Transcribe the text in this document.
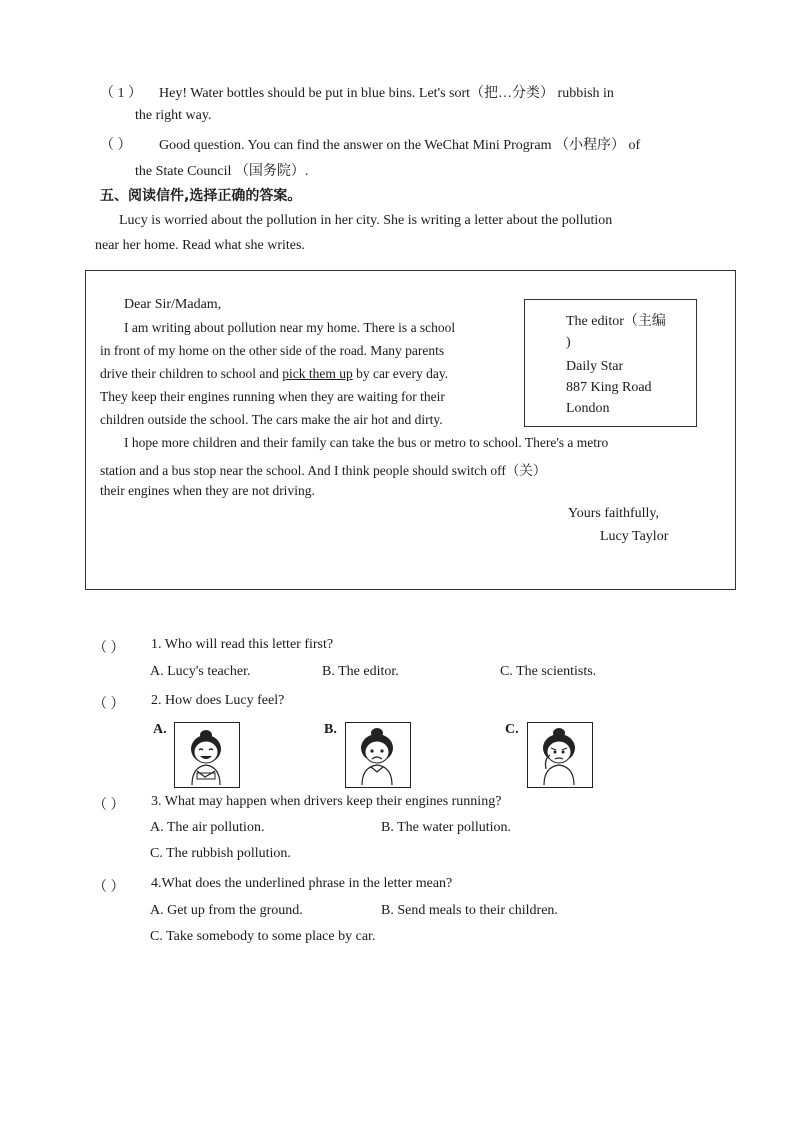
（ 1 ） Hey! Water bottles should be put in blue bins. Let's sort（把…分类） rubbish in
the right way.
（ ） Good question. You can find the answer on the WeChat Mini Program （小程序） of
the State Council （国务院）.
五、阅读信件,选择正确的答案。
Lucy is worried about the pollution in her city. She is writing a letter about the pollution
near her home. Read what she writes.
Dear Sir/Madam,
I am writing about pollution near my home. There is a school
in front of my home on the other side of the road. Many parents
drive their children to school and pick them up by car every day.
They keep their engines running when they are waiting for their
children outside the school. The cars make the air hot and dirty.
I hope more children and their family can take the bus or metro to school. There's a metro
station and a bus stop near the school. And I think people should switch off（关）
their engines when they are not driving.
Yours faithfully,
Lucy Taylor
The editor（主编
)
Daily Star
887 King Road
London
（ ） 1. Who will read this letter first?
A. Lucy's teacher.	B. The editor.	C. The scientists.
（ ） 2. How does Lucy feel?
A.	B.	C.
（ ） 3. What may happen when drivers keep their engines running?
A. The air pollution.	B. The water pollution.
C. The rubbish pollution.
（ ） 4.What does the underlined phrase in the letter mean?
A. Get up from the ground.	B. Send meals to their children.
C. Take somebody to some place by car.
